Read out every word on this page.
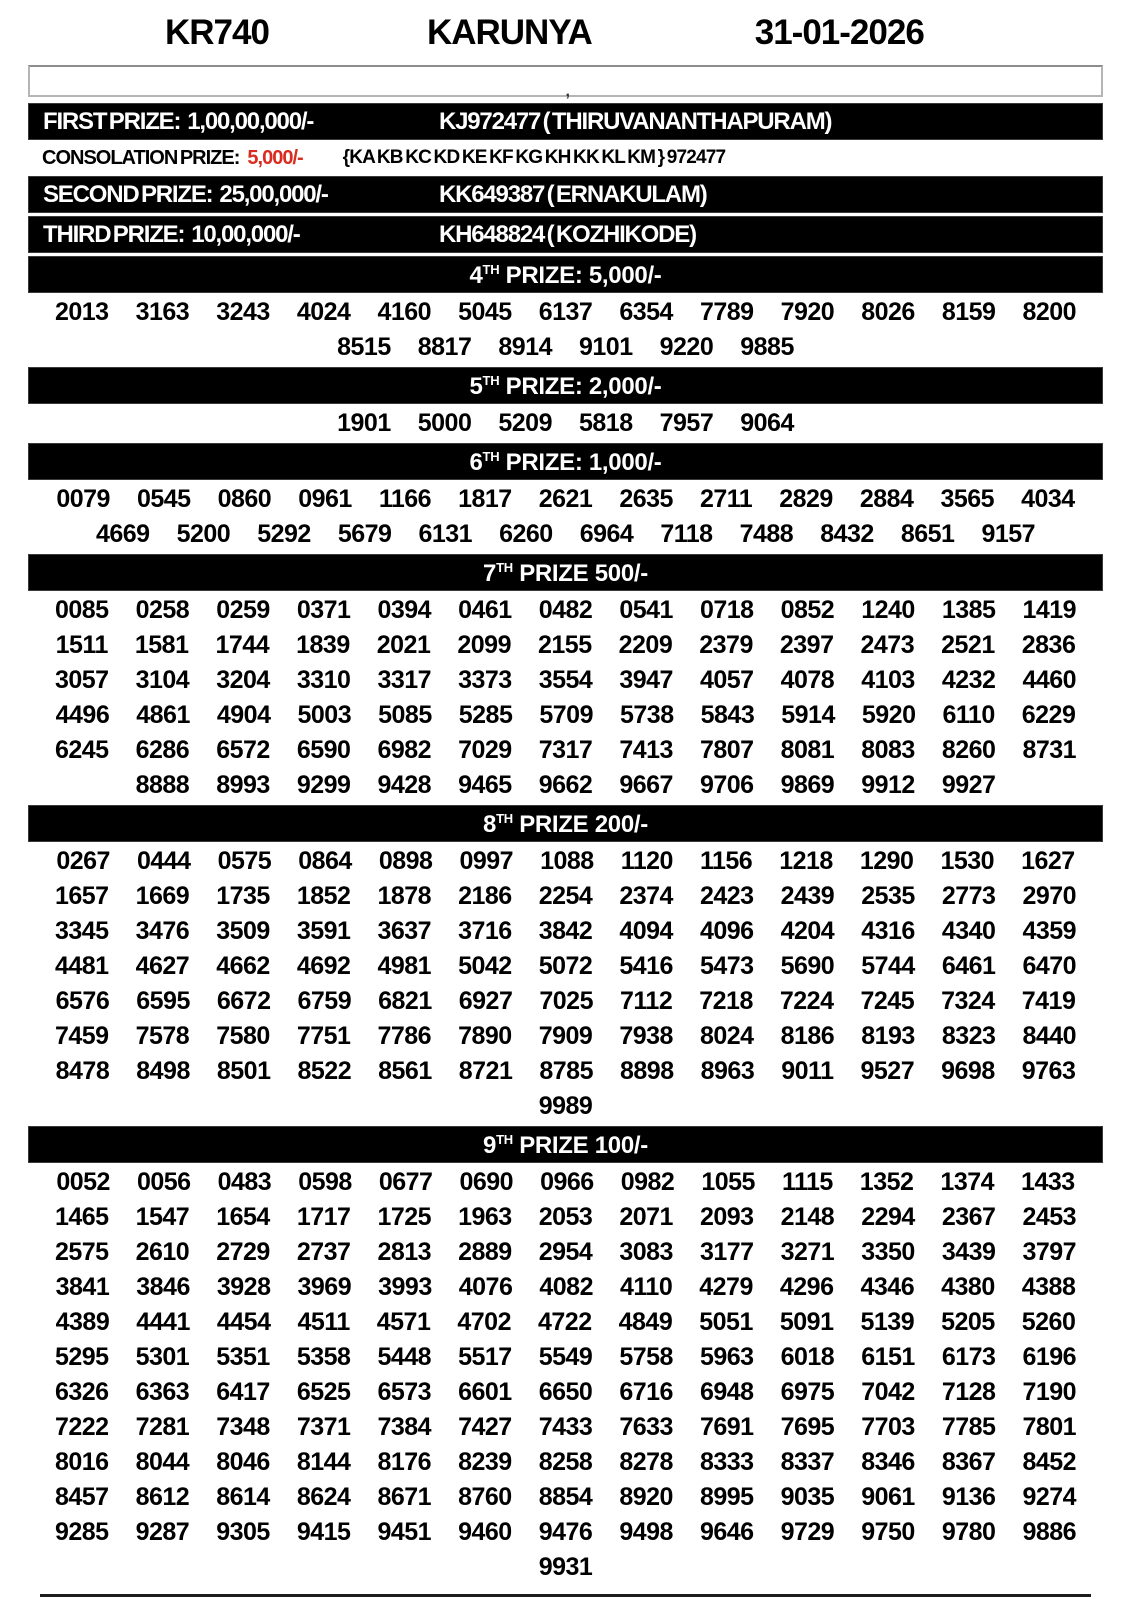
KR740	KARUNYA	31-01-2026
,
FIRST PRIZE: 1,00,00,000/-	KJ972477 ( THIRUVANANTHAPURAM)
CONSOLATION PRIZE: 5,000/- {KA KB KC KD KE KF KG KH KK KL KM } 972477
SECOND PRIZE: 25,00,000/-	KK649387 ( ERNAKULAM)
THIRD PRIZE: 10,00,000/-	KH648824 ( KOZHIKODE)
4TH PRIZE: 5,000/-
2013 3163 3243 4024 4160 5045 6137 6354 7789 7920 8026 8159 8200
8515 8817 8914 9101 9220 9885
5TH PRIZE: 2,000/-
1901 5000 5209 5818 7957 9064
6TH PRIZE: 1,000/-
0079 0545 0860 0961 1166 1817 2621 2635 2711 2829 2884 3565 4034
4669 5200 5292 5679 6131 6260 6964 7118 7488 8432 8651 9157
7TH PRIZE 500/-
0085 0258 0259 0371 0394 0461 0482 0541 0718 0852 1240 1385 1419
1511 1581 1744 1839 2021 2099 2155 2209 2379 2397 2473 2521 2836
3057 3104 3204 3310 3317 3373 3554 3947 4057 4078 4103 4232 4460
4496 4861 4904 5003 5085 5285 5709 5738 5843 5914 5920 6110 6229
6245 6286 6572 6590 6982 7029 7317 7413 7807 8081 8083 8260 8731
8888 8993 9299 9428 9465 9662 9667 9706 9869 9912 9927
8TH PRIZE 200/-
0267 0444 0575 0864 0898 0997 1088 1120 1156 1218 1290 1530 1627
1657 1669 1735 1852 1878 2186 2254 2374 2423 2439 2535 2773 2970
3345 3476 3509 3591 3637 3716 3842 4094 4096 4204 4316 4340 4359
4481 4627 4662 4692 4981 5042 5072 5416 5473 5690 5744 6461 6470
6576 6595 6672 6759 6821 6927 7025 7112 7218 7224 7245 7324 7419
7459 7578 7580 7751 7786 7890 7909 7938 8024 8186 8193 8323 8440
8478 8498 8501 8522 8561 8721 8785 8898 8963 9011 9527 9698 9763
9989
9TH PRIZE 100/-
0052 0056 0483 0598 0677 0690 0966 0982 1055 1115 1352 1374 1433
1465 1547 1654 1717 1725 1963 2053 2071 2093 2148 2294 2367 2453
2575 2610 2729 2737 2813 2889 2954 3083 3177 3271 3350 3439 3797
3841 3846 3928 3969 3993 4076 4082 4110 4279 4296 4346 4380 4388
4389 4441 4454 4511 4571 4702 4722 4849 5051 5091 5139 5205 5260
5295 5301 5351 5358 5448 5517 5549 5758 5963 6018 6151 6173 6196
6326 6363 6417 6525 6573 6601 6650 6716 6948 6975 7042 7128 7190
7222 7281 7348 7371 7384 7427 7433 7633 7691 7695 7703 7785 7801
8016 8044 8046 8144 8176 8239 8258 8278 8333 8337 8346 8367 8452
8457 8612 8614 8624 8671 8760 8854 8920 8995 9035 9061 9136 9274
9285 9287 9305 9415 9451 9460 9476 9498 9646 9729 9750 9780 9886
9931
